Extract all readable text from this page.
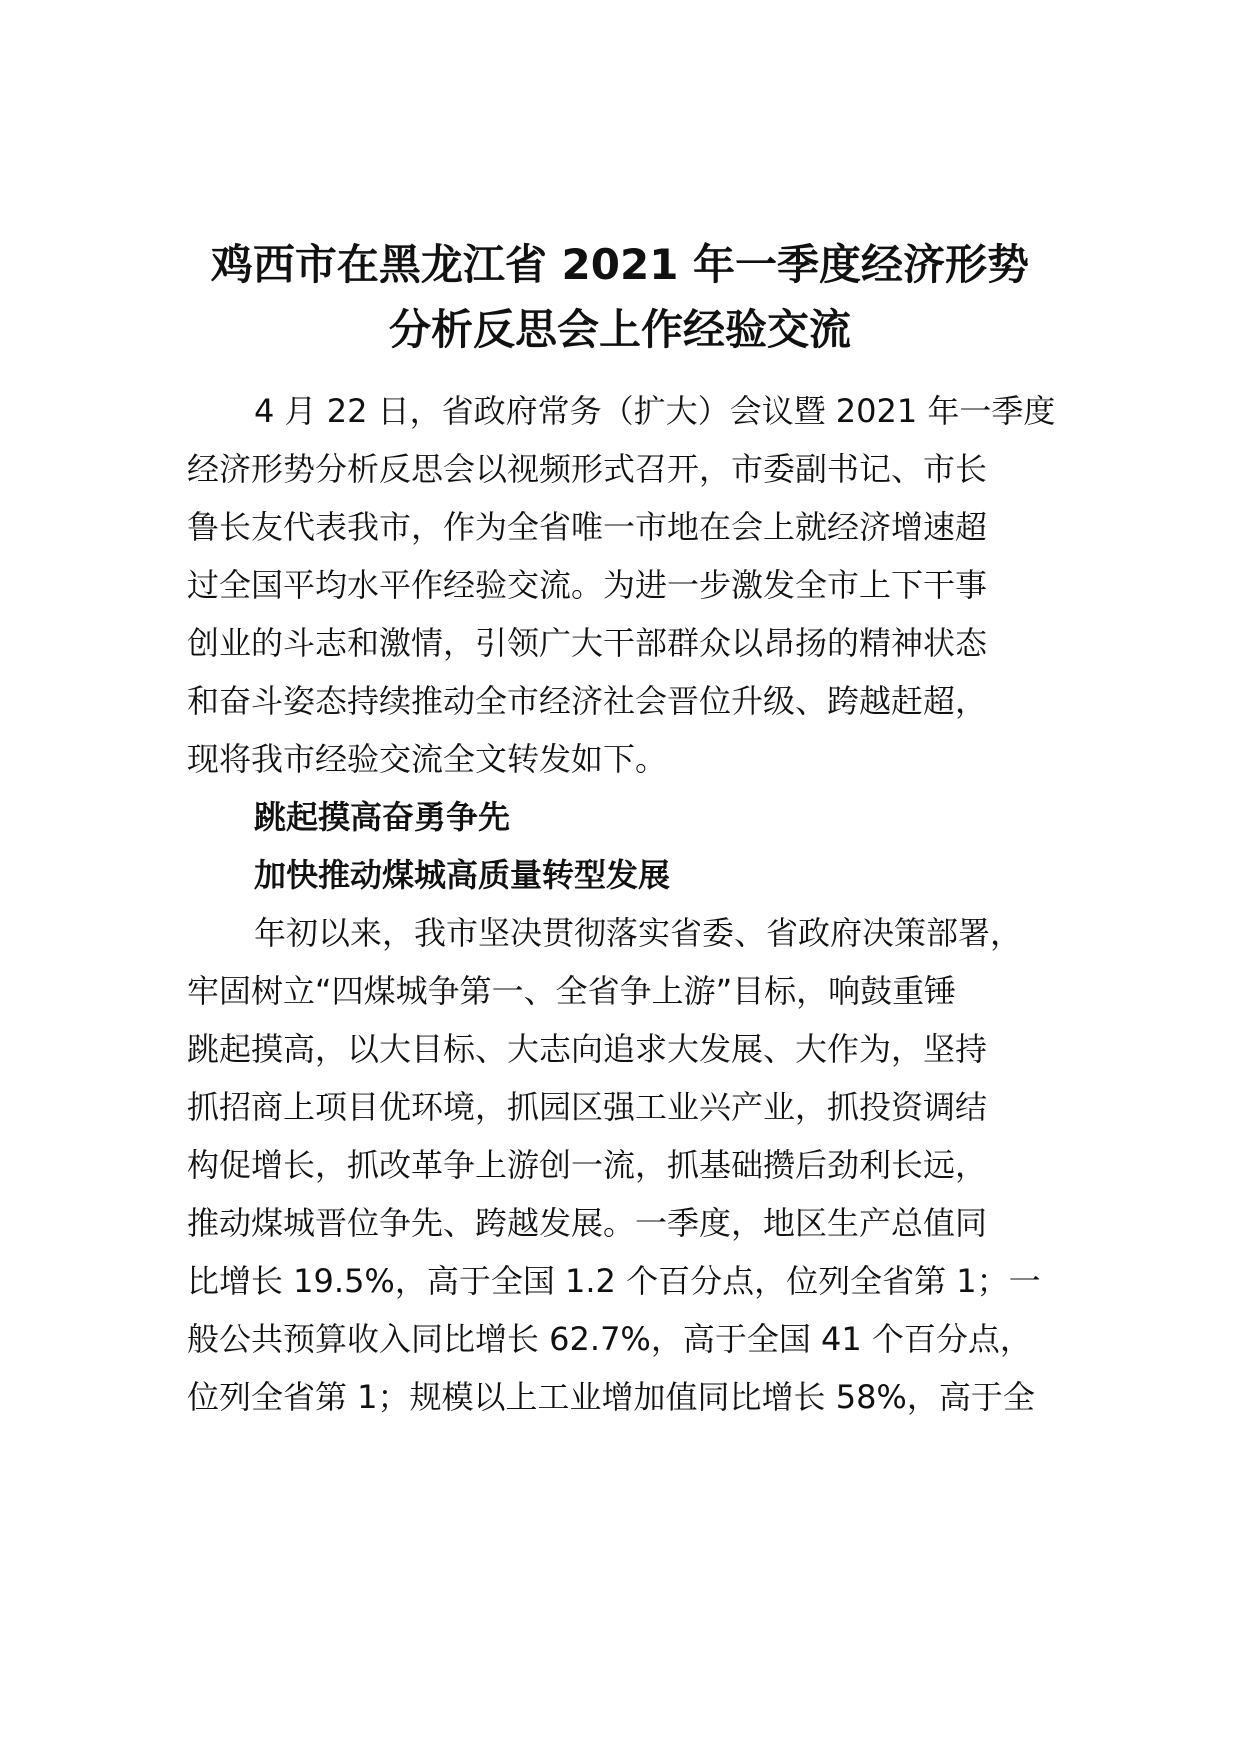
鸡西市在黑龙江省 2021 年一季度经济形势
分析反思会上作经验交流

4 月 22 日，省政府常务（扩大）会议暨 2021 年一季度

经济形势分析反思会以视频形式召开，市委副书记、市长

鲁长友代表我市，作为全省唯一市地在会上就经济增速超

过全国平均水平作经验交流。为进一步激发全市上下干事

创业的斗志和激情，引领广大干部群众以昂扬的精神状态

和奋斗姿态持续推动全市经济社会晋位升级、跨越赶超，

现将我市经验交流全文转发如下。

跳起摸高奋勇争先

加快推动煤城高质量转型发展

年初以来，我市坚决贯彻落实省委、省政府决策部署，

牢固树立“四煤城争第一、全省争上游”目标，响鼓重锤

跳起摸高，以大目标、大志向追求大发展、大作为，坚持

抓招商上项目优环境，抓园区强工业兴产业，抓投资调结

构促增长，抓改革争上游创一流，抓基础攒后劲利长远，

推动煤城晋位争先、跨越发展。一季度，地区生产总值同

比增长 19.5%，高于全国 1.2 个百分点，位列全省第 1；一

般公共预算收入同比增长 62.7%，高于全国 41 个百分点，

位列全省第 1；规模以上工业增加值同比增长 58%，高于全
